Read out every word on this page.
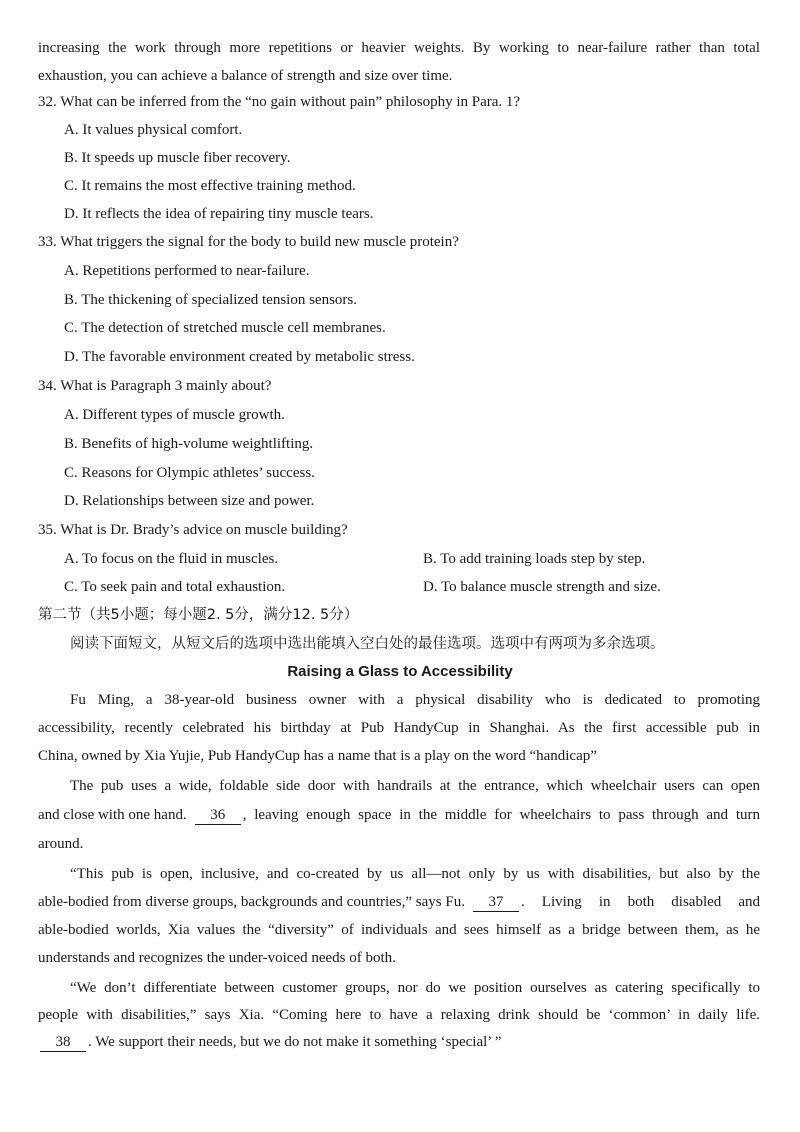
increasing the work through more repetitions or heavier weights. By working to near-failure rather than total
exhaustion, you can achieve a balance of strength and size over time.
32. What can be inferred from the “no gain without pain” philosophy in Para. 1?
A. It values physical comfort.
B. It speeds up muscle fiber recovery.
C. It remains the most effective training method.
D. It reflects the idea of repairing tiny muscle tears.
33. What triggers the signal for the body to build new muscle protein?
A. Repetitions performed to near-failure.
B. The thickening of specialized tension sensors.
C. The detection of stretched muscle cell membranes.
D. The favorable environment created by metabolic stress.
34. What is Paragraph 3 mainly about?
A. Different types of muscle growth.
B. Benefits of high-volume weightlifting.
C. Reasons for Olympic athletes’ success.
D. Relationships between size and power.
35. What is Dr. Brady’s advice on muscle building?
A. To focus on the fluid in muscles.	B. To add training loads step by step.
C. To seek pain and total exhaustion.	D. To balance muscle strength and size.
第二节（共5小题；每小题2. 5分，满分12. 5分）
阅读下面短文，从短文后的选项中选出能填入空白处的最佳选项。选项中有两项为多余选项。
Raising a Glass to Accessibility
Fu Ming, a 38-year-old business owner with a physical disability who is dedicated to promoting
accessibility, recently celebrated his birthday at Pub HandyCup in Shanghai. As the first accessible pub in
China, owned by Xia Yujie, Pub HandyCup has a name that is a play on the word “handicap”
The pub uses a wide, foldable side door with handrails at the entrance, which wheelchair users can open
and close with one hand.	36	, leaving enough space in the middle for wheelchairs to pass through and turn
around.
“This pub is open, inclusive, and co-created by us all—not only by us with disabilities, but also by the
able-bodied from diverse groups, backgrounds and countries,” says Fu.	37	. Living in both disabled and
able-bodied worlds, Xia values the “diversity” of individuals and sees himself as a bridge between them, as he
understands and recognizes the under-voiced needs of both.
“We don’t differentiate between customer groups, nor do we position ourselves as catering specifically to
people with disabilities,” says Xia. “Coming here to have a relaxing drink should be ‘common’ in daily life.
38 . We support their needs, but we do not make it something ‘special’ ”
